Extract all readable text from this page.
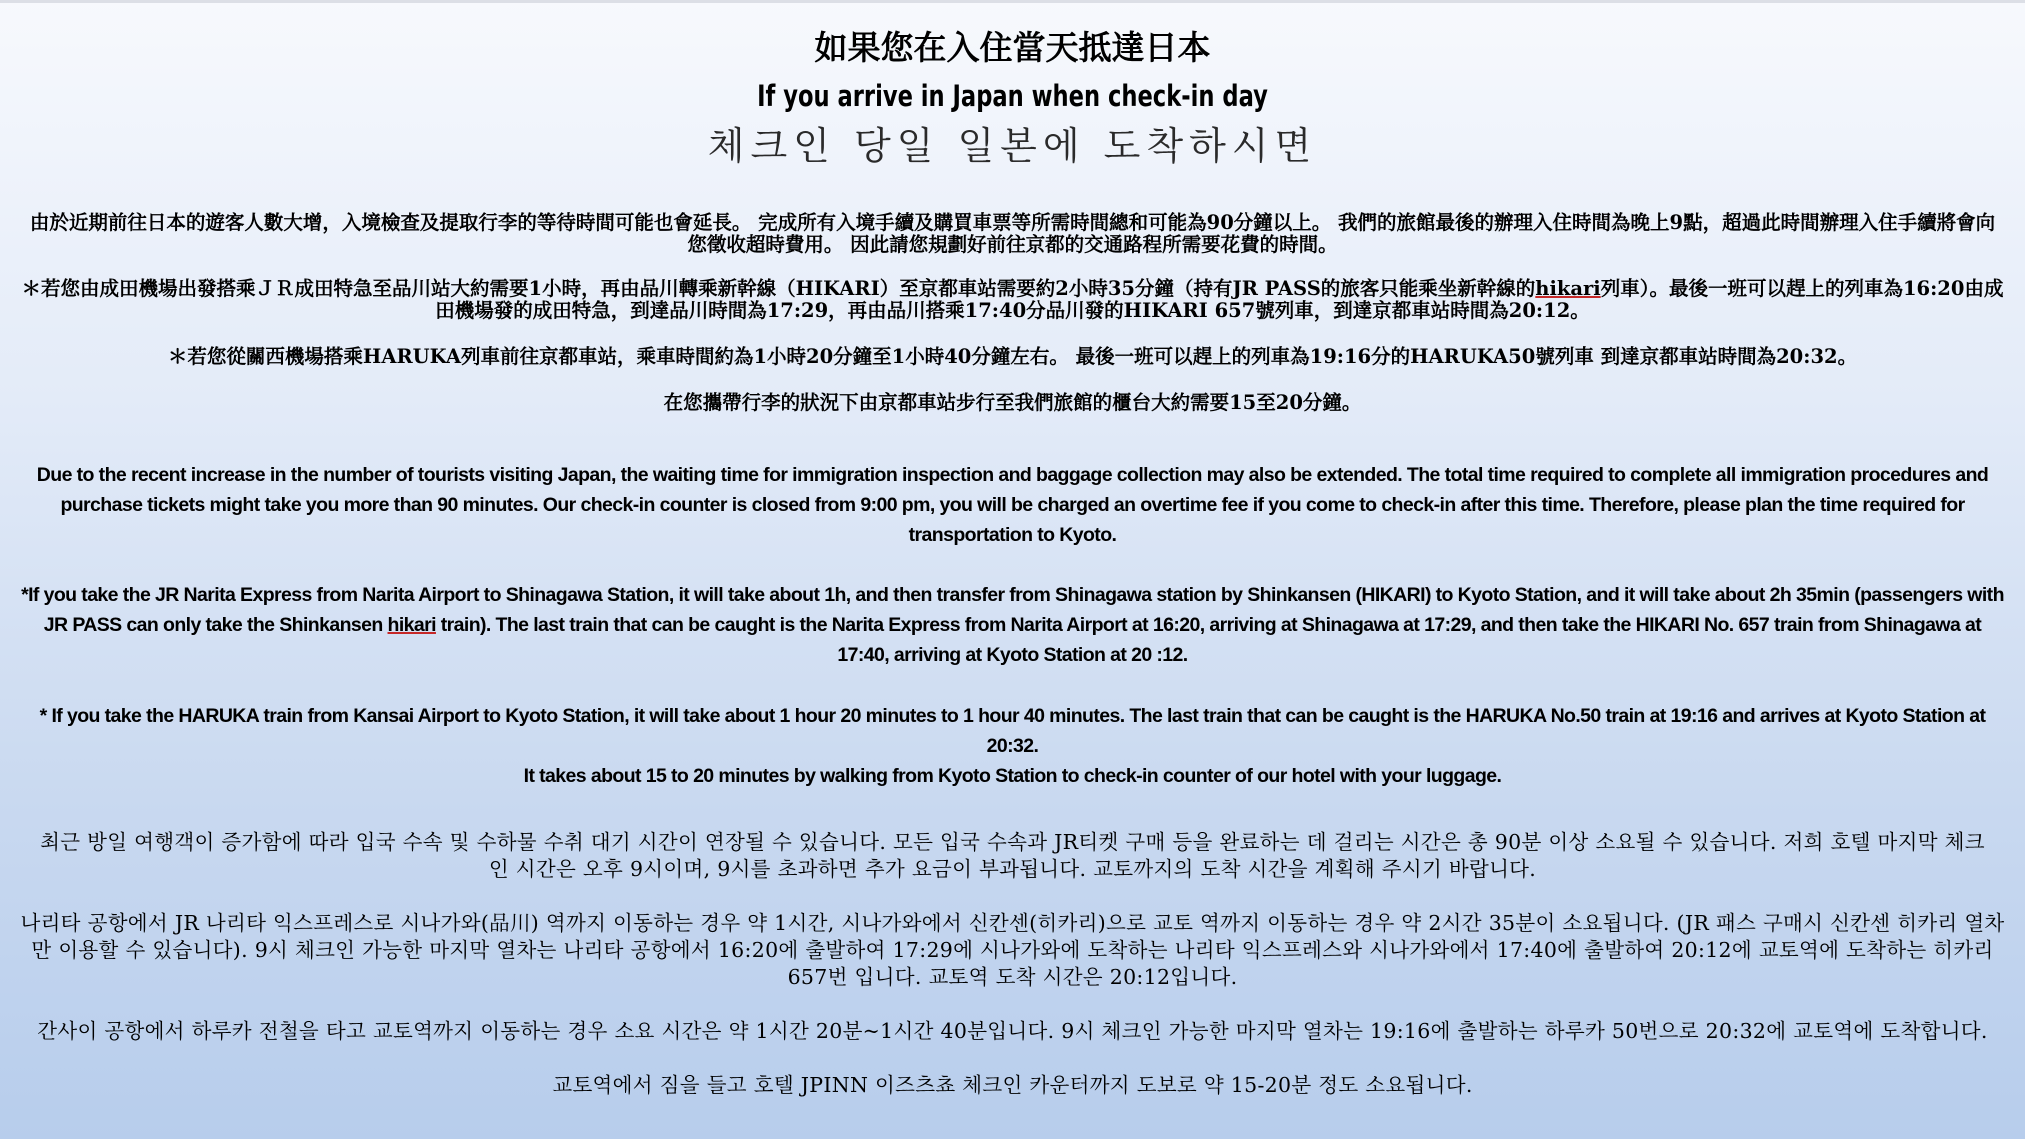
如果您在入住當天抵達日本
If you arrive in Japan when check-in day
체크인 당일 일본에 도착하시면

由於近期前往日本的遊客人數大增，入境檢查及提取行李的等待時間可能也會延長。 完成所有入境手續及購買車票等所需時間總和可能為90分鐘以上。 我們的旅館最後的辦理入住時間為晚上9點，超過此時間辦理入住手續將會向您徵收超時費用。 因此請您規劃好前往京都的交通路程所需要花費的時間。

＊若您由成田機場出發搭乘ＪＲ成田特急至品川站大約需要1小時，再由品川轉乘新幹線（HIKARI）至京都車站需要約2小時35分鐘（持有JR PASS的旅客只能乘坐新幹線的hikari列車）。最後一班可以趕上的列車為16:20由成田機場發的成田特急，到達品川時間為17:29，再由品川搭乘17:40分品川發的HIKARI 657號列車，到達京都車站時間為20:12。

＊若您從關西機場搭乘HARUKA列車前往京都車站，乘車時間約為1小時20分鐘至1小時40分鐘左右。 最後一班可以趕上的列車為19:16分的HARUKA50號列車 到達京都車站時間為20:32。

在您攜帶行李的狀況下由京都車站步行至我們旅館的櫃台大約需要15至20分鐘。

Due to the recent increase in the number of tourists visiting Japan, the waiting time for immigration inspection and baggage collection may also be extended. The total time required to complete all immigration procedures and purchase tickets might take you more than 90 minutes. Our check-in counter is closed from 9:00 pm, you will be charged an overtime fee if you come to check-in after this time. Therefore, please plan the time required for transportation to Kyoto.

*If you take the JR Narita Express from Narita Airport to Shinagawa Station, it will take about 1h, and then transfer from Shinagawa station by Shinkansen (HIKARI) to Kyoto Station, and it will take about 2h 35min (passengers with JR PASS can only take the Shinkansen hikari train). The last train that can be caught is the Narita Express from Narita Airport at 16:20, arriving at Shinagawa at 17:29, and then take the HIKARI No. 657 train from Shinagawa at 17:40, arriving at Kyoto Station at 20 :12.

* If you take the HARUKA train from Kansai Airport to Kyoto Station, it will take about 1 hour 20 minutes to 1 hour 40 minutes. The last train that can be caught is the HARUKA No.50 train at 19:16 and arrives at Kyoto Station at 20:32.

It takes about 15 to 20 minutes by walking from Kyoto Station to check-in counter of our hotel with your luggage.

최근 방일 여행객이 증가함에 따라 입국 수속 및 수하물 수취 대기 시간이 연장될 수 있습니다. 모든 입국 수속과 JR티켓 구매 등을 완료하는 데 걸리는 시간은 총 90분 이상 소요될 수 있습니다. 저희 호텔 마지막 체크인 시간은 오후 9시이며, 9시를 초과하면 추가 요금이 부과됩니다. 교토까지의 도착 시간을 계획해 주시기 바랍니다.

나리타 공항에서 JR 나리타 익스프레스로 시나가와(品川) 역까지 이동하는 경우 약 1시간, 시나가와에서 신칸센(히카리)으로 교토 역까지 이동하는 경우 약 2시간 35분이 소요됩니다. (JR 패스 구매시 신칸센 히카리 열차만 이용할 수 있습니다). 9시 체크인 가능한 마지막 열차는 나리타 공항에서 16:20에 출발하여 17:29에 시나가와에 도착하는 나리타 익스프레스와 시나가와에서 17:40에 출발하여 20:12에 교토역에 도착하는 히카리 657번 입니다. 교토역 도착 시간은 20:12입니다.

간사이 공항에서 하루카 전철을 타고 교토역까지 이동하는 경우 소요 시간은 약 1시간 20분~1시간 40분입니다. 9시 체크인 가능한 마지막 열차는 19:16에 출발하는 하루카 50번으로 20:32에 교토역에 도착합니다.

교토역에서 짐을 들고 호텔 JPINN 이즈츠쵸 체크인 카운터까지 도보로 약 15-20분 정도 소요됩니다.
